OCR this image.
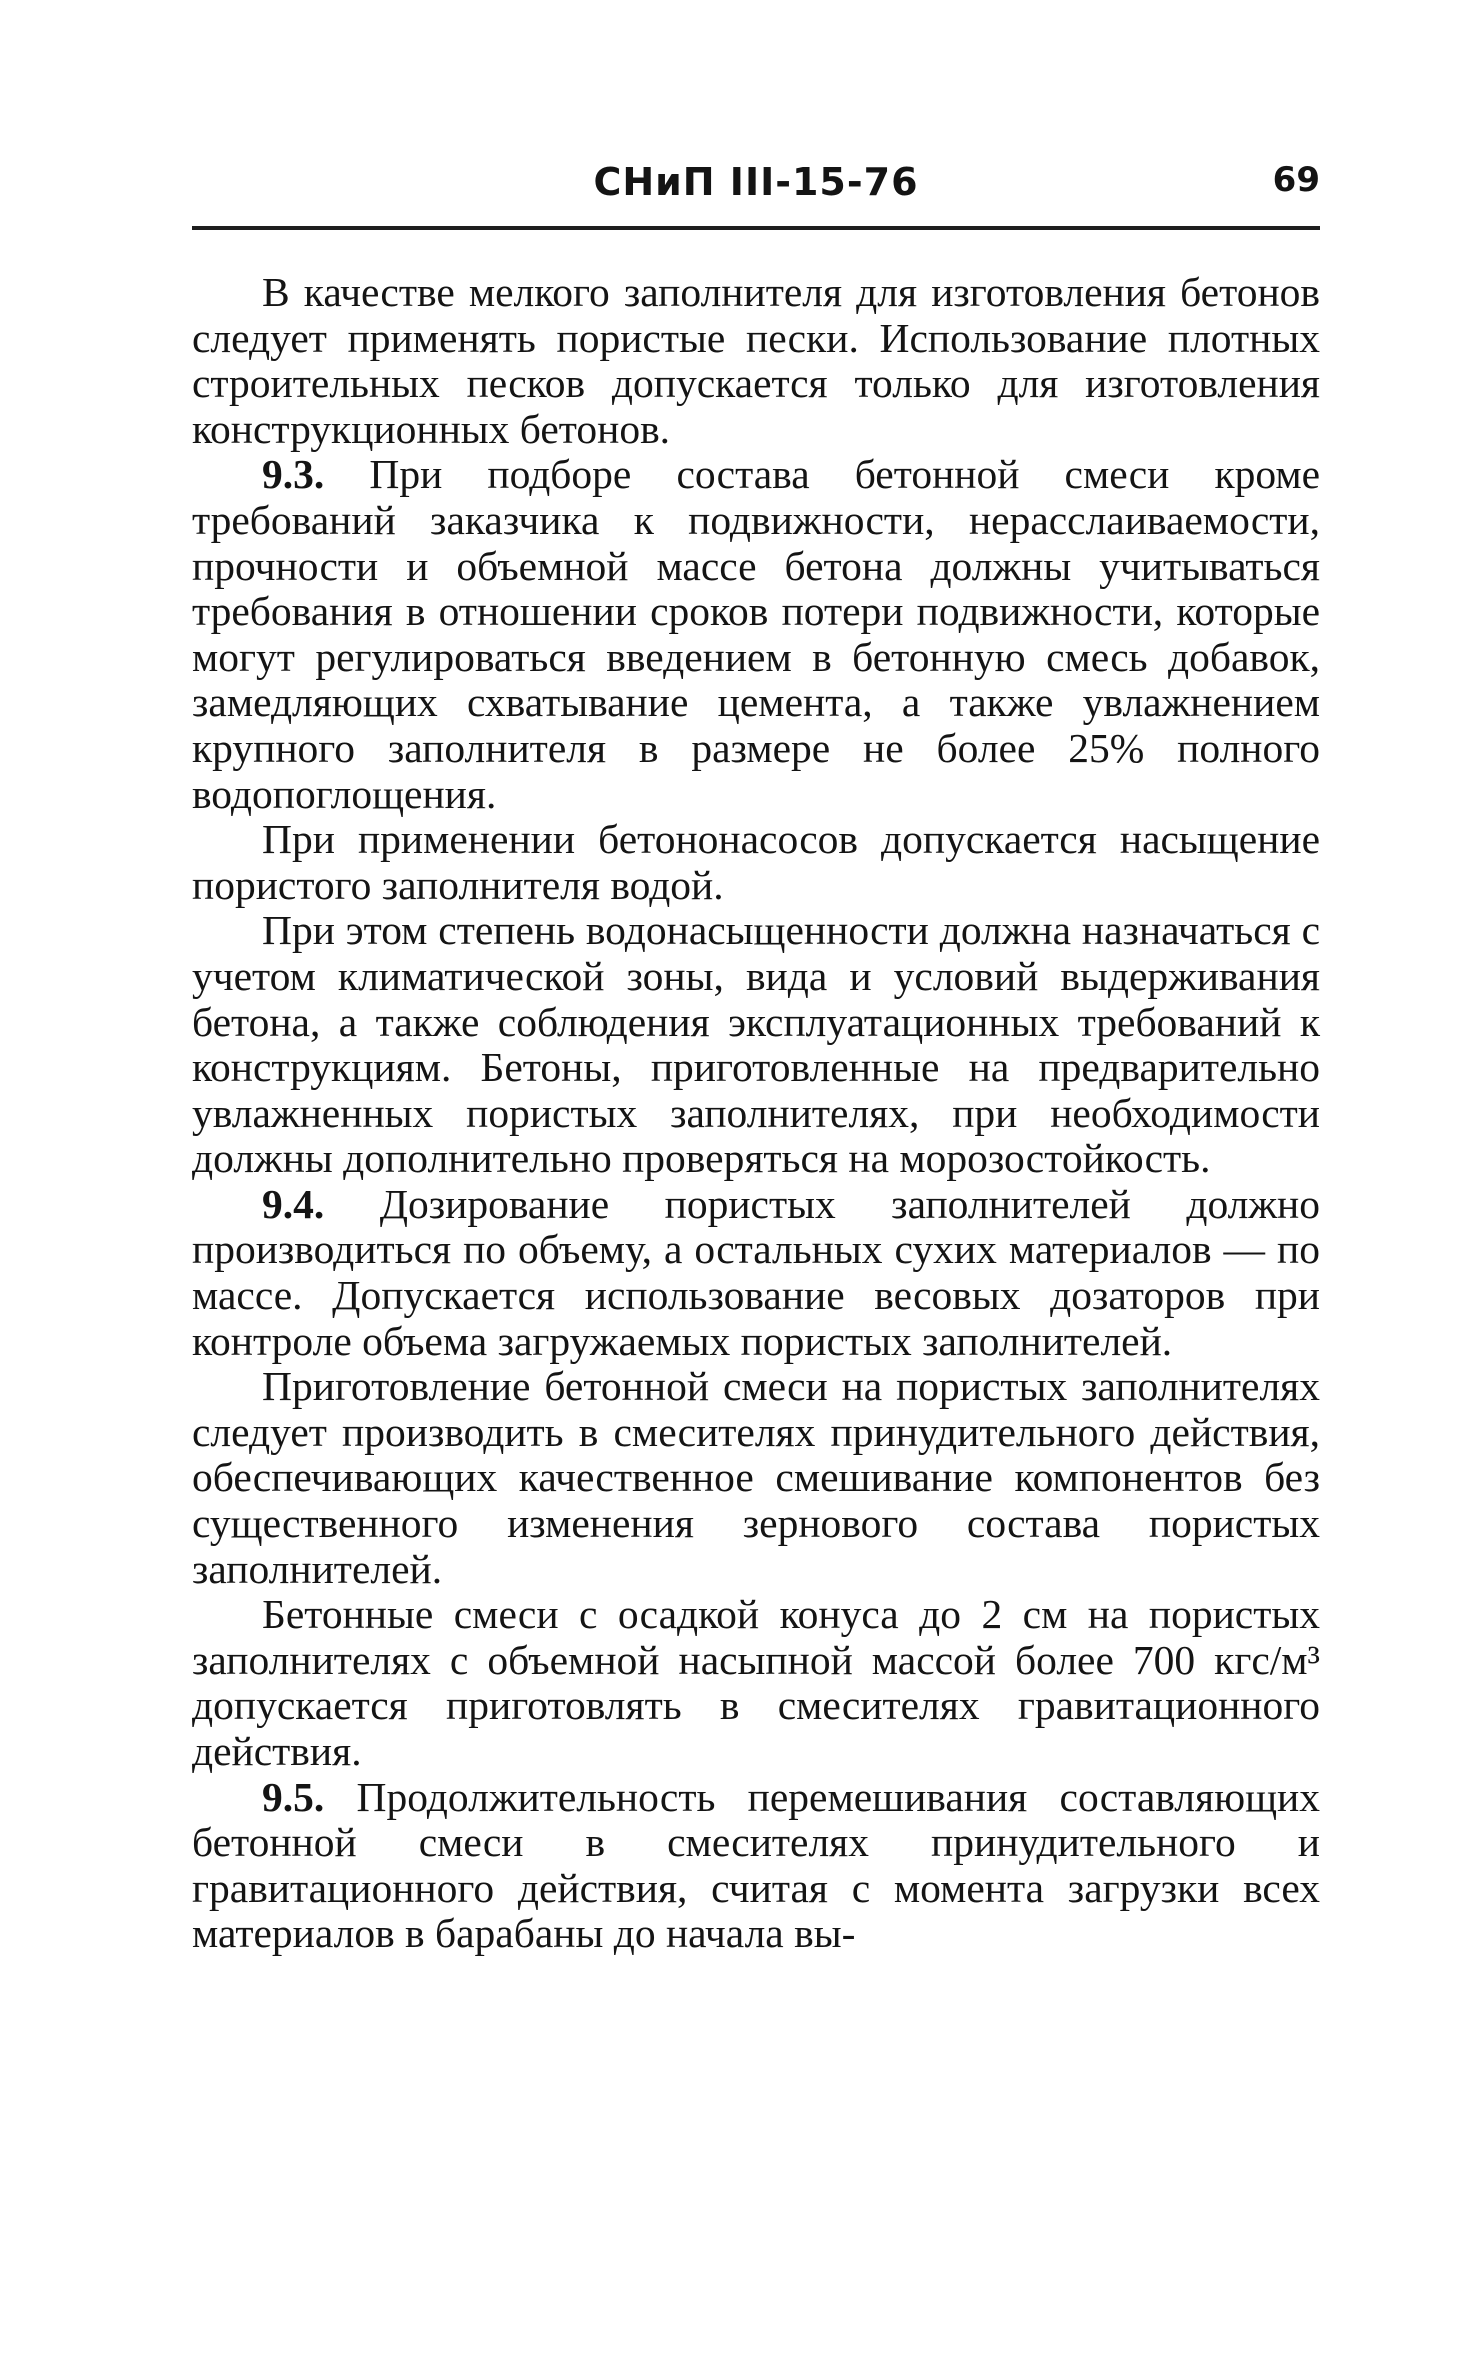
СНиП III-15-76	69

В качестве мелкого заполнителя для изготовления бетонов следует применять пористые пески. Использование плотных строительных песков допускается только для изготовления конструкционных бетонов.

9.3. При подборе состава бетонной смеси кроме требований заказчика к подвижности, нерасслаиваемости, прочности и объемной массе бетона должны учитываться требования в отношении сроков потери подвижности, которые могут регулироваться введением в бетонную смесь добавок, замедляющих схватывание цемента, а также увлажнением крупного заполнителя в размере не более 25% полного водопоглощения.

При применении бетононасосов допускается насыщение пористого заполнителя водой.

При этом степень водонасыщенности должна назначаться с учетом климатической зоны, вида и условий выдерживания бетона, а также соблюдения эксплуатационных требований к конструкциям. Бетоны, приготовленные на предварительно увлажненных пористых заполнителях, при необходимости должны дополнительно проверяться на морозостойкость.

9.4. Дозирование пористых заполнителей должно производиться по объему, а остальных сухих материалов — по массе. Допускается использование весовых дозаторов при контроле объема загружаемых пористых заполнителей.

Приготовление бетонной смеси на пористых заполнителях следует производить в смесителях принудительного действия, обеспечивающих качественное смешивание компонентов без существенного изменения зернового состава пористых заполнителей.

Бетонные смеси с осадкой конуса до 2 см на пористых заполнителях с объемной насыпной массой более 700 кгс/м³ допускается приготовлять в смесителях гравитационного действия.

9.5. Продолжительность перемешивания составляющих бетонной смеси в смесителях принудительного и гравитационного действия, считая с момента загрузки всех материалов в барабаны до начала вы-
